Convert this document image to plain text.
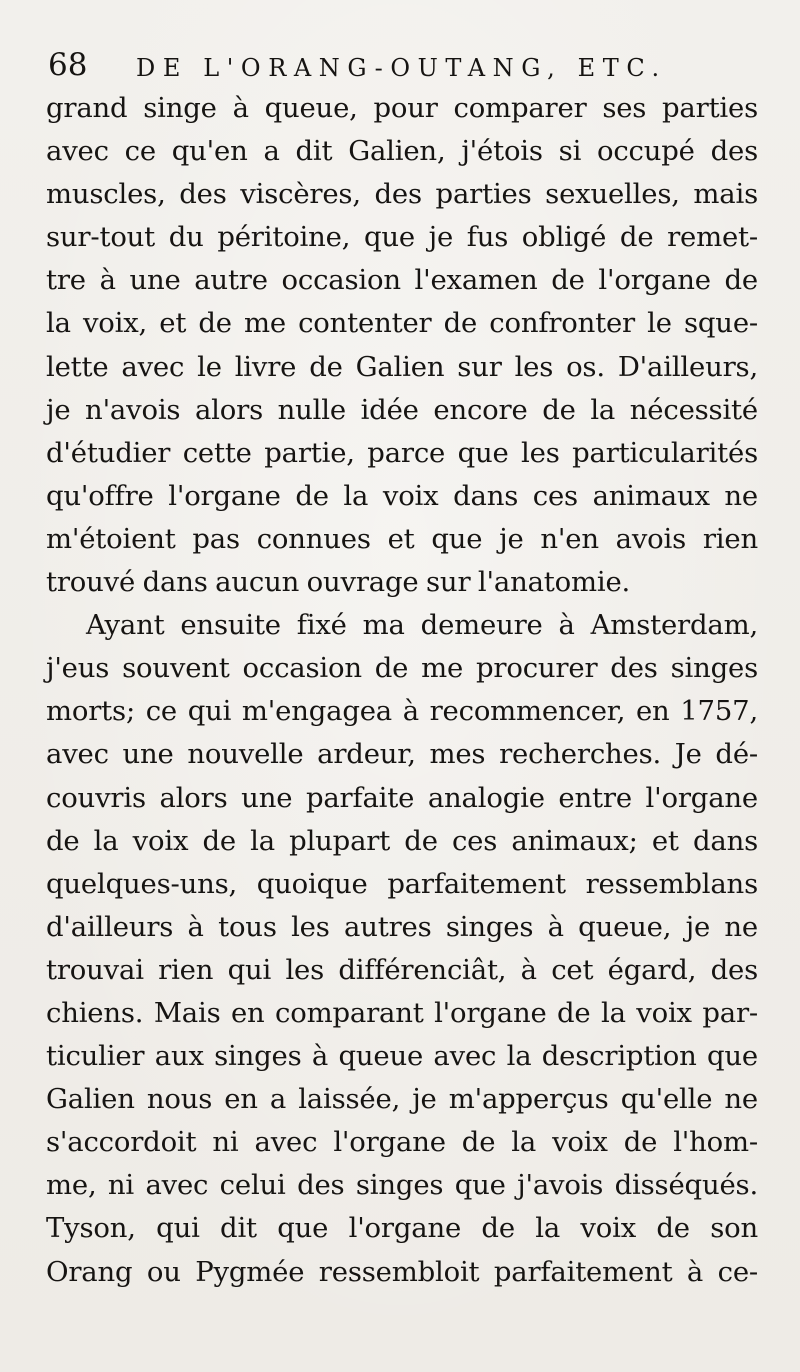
68 DE L'ORANG-OUTANG, ETC.
grand singe à queue, pour comparer ses parties
avec ce qu'en a dit Galien, j'étois si occupé des
muscles, des viscères, des parties sexuelles, mais
sur-tout du péritoine, que je fus obligé de remet-
tre à une autre occasion l'examen de l'organe de
la voix, et de me contenter de confronter le sque-
lette avec le livre de Galien sur les os. D'ailleurs,
je n'avois alors nulle idée encore de la nécessité
d'étudier cette partie, parce que les particularités
qu'offre l'organe de la voix dans ces animaux ne
m'étoient pas connues et que je n'en avois rien
trouvé dans aucun ouvrage sur l'anatomie.
Ayant ensuite fixé ma demeure à Amsterdam,
j'eus souvent occasion de me procurer des singes
morts; ce qui m'engagea à recommencer, en 1757,
avec une nouvelle ardeur, mes recherches. Je dé-
couvris alors une parfaite analogie entre l'organe
de la voix de la plupart de ces animaux; et dans
quelques-uns, quoique parfaitement ressemblans
d'ailleurs à tous les autres singes à queue, je ne
trouvai rien qui les différenciât, à cet égard, des
chiens. Mais en comparant l'organe de la voix par-
ticulier aux singes à queue avec la description que
Galien nous en a laissée, je m'apperçus qu'elle ne
s'accordoit ni avec l'organe de la voix de l'hom-
me, ni avec celui des singes que j'avois disséqués.
Tyson, qui dit que l'organe de la voix de son
Orang ou Pygmée ressembloit parfaitement à ce-
